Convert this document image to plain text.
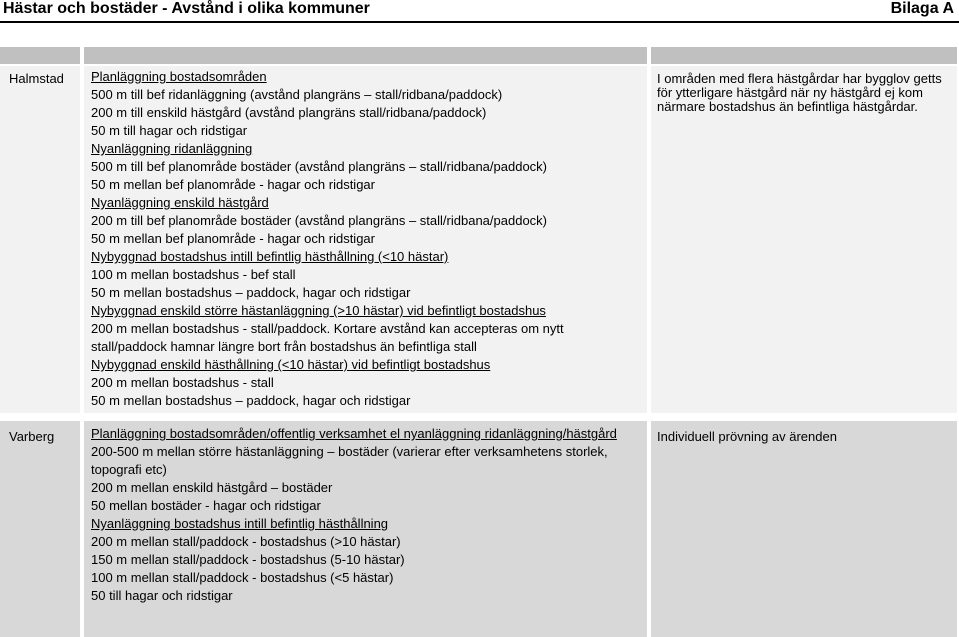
Hästar och bostäder - Avstånd i olika kommuner	Bilaga A
Halmstad Planläggning bostadsområden
500 m till bef ridanläggning (avstånd plangräns – stall/ridbana/paddock)
200 m till enskild hästgård (avstånd plangräns stall/ridbana/paddock)
50 m till hagar och ridstigar
Nyanläggning ridanläggning
500 m till bef planområde bostäder (avstånd plangräns – stall/ridbana/paddock)
50 m mellan bef planområde - hagar och ridstigar
Nyanläggning enskild hästgård
200 m till bef planområde bostäder (avstånd plangräns – stall/ridbana/paddock)
50 m mellan bef planområde - hagar och ridstigar
Nybyggnad bostadshus intill befintlig hästhållning (<10 hästar)
100 m mellan bostadshus - bef stall
50 m mellan bostadshus – paddock, hagar och ridstigar
Nybyggnad enskild större hästanläggning (>10 hästar) vid befintligt bostadshus
200 m mellan bostadshus - stall/paddock. Kortare avstånd kan accepteras om nytt stall/paddock hamnar längre bort från bostadshus än befintliga stall
Nybyggnad enskild hästhållning (<10 hästar) vid befintligt bostadshus
200 m mellan bostadshus - stall
50 m mellan bostadshus – paddock, hagar och ridstigar
I områden med flera hästgårdar har bygglov getts för ytterligare hästgård när ny hästgård ej kom närmare bostadshus än befintliga hästgårdar.
Varberg	Planläggning bostadsområden/offentlig verksamhet el nyanläggning ridanläggning/hästgård
200-500 m mellan större hästanläggning – bostäder (varierar efter verksamhetens storlek, topografi etc)
200 m mellan enskild hästgård – bostäder
50 mellan bostäder - hagar och ridstigar
Nyanläggning bostadshus intill befintlig hästhållning
200 m mellan stall/paddock - bostadshus (>10 hästar)
150 m mellan stall/paddock - bostadshus (5-10 hästar)
100 m mellan stall/paddock - bostadshus (<5 hästar)
50 till hagar och ridstigar
Individuell prövning av ärenden
